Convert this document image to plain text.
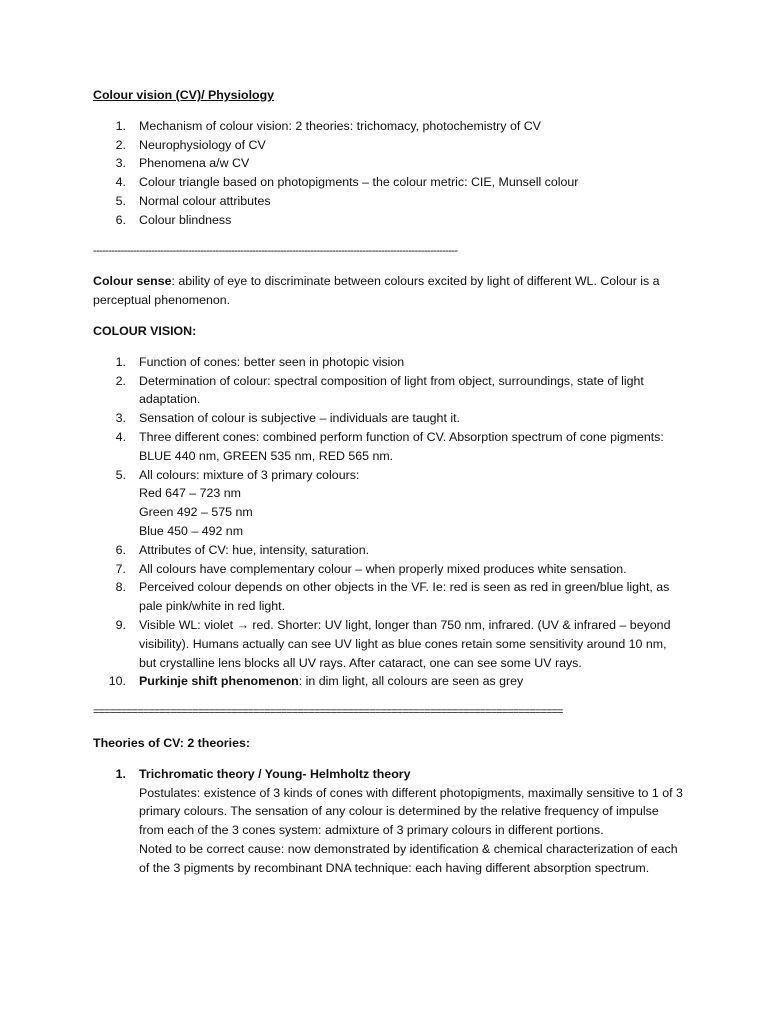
Colour vision (CV)/ Physiology
1. Mechanism of colour vision: 2 theories: trichomacy, photochemistry of CV
2. Neurophysiology of CV
3. Phenomena a/w CV
4. Colour triangle based on photopigments – the colour metric: CIE, Munsell colour
5. Normal colour attributes
6. Colour blindness
-----------------------------------------------------------------------------------------------------------------------

Colour sense: ability of eye to discriminate between colours excited by light of different WL. Colour is a perceptual phenomenon.

COLOUR VISION:
1. Function of cones: better seen in photopic vision
2. Determination of colour: spectral composition of light from object, surroundings, state of light adaptation.
3. Sensation of colour is subjective – individuals are taught it.
4. Three different cones: combined perform function of CV. Absorption spectrum of cone pigments: BLUE 440 nm, GREEN 535 nm, RED 565 nm.
5. All colours: mixture of 3 primary colours:
Red 647 – 723 nm
Green 492 – 575 nm
Blue 450 – 492 nm
6. Attributes of CV: hue, intensity, saturation.
7. All colours have complementary colour – when properly mixed produces white sensation.
8. Perceived colour depends on other objects in the VF. Ie: red is seen as red in green/blue light, as pale pink/white in red light.
9. Visible WL: violet → red. Shorter: UV light, longer than 750 nm, infrared. (UV & infrared – beyond visibility). Humans actually can see UV light as blue cones retain some sensitivity around 10 nm, but crystalline lens blocks all UV rays. After cataract, one can see some UV rays.
10. Purkinje shift phenomenon: in dim light, all colours are seen as grey
=====================================================================================
Theories of CV: 2 theories:
1. Trichromatic theory / Young- Helmholtz theory
Postulates: existence of 3 kinds of cones with different photopigments, maximally sensitive to 1 of 3 primary colours. The sensation of any colour is determined by the relative frequency of impulse from each of the 3 cones system: admixture of 3 primary colours in different portions.
Noted to be correct cause: now demonstrated by identification & chemical characterization of each of the 3 pigments by recombinant DNA technique: each having different absorption spectrum.
